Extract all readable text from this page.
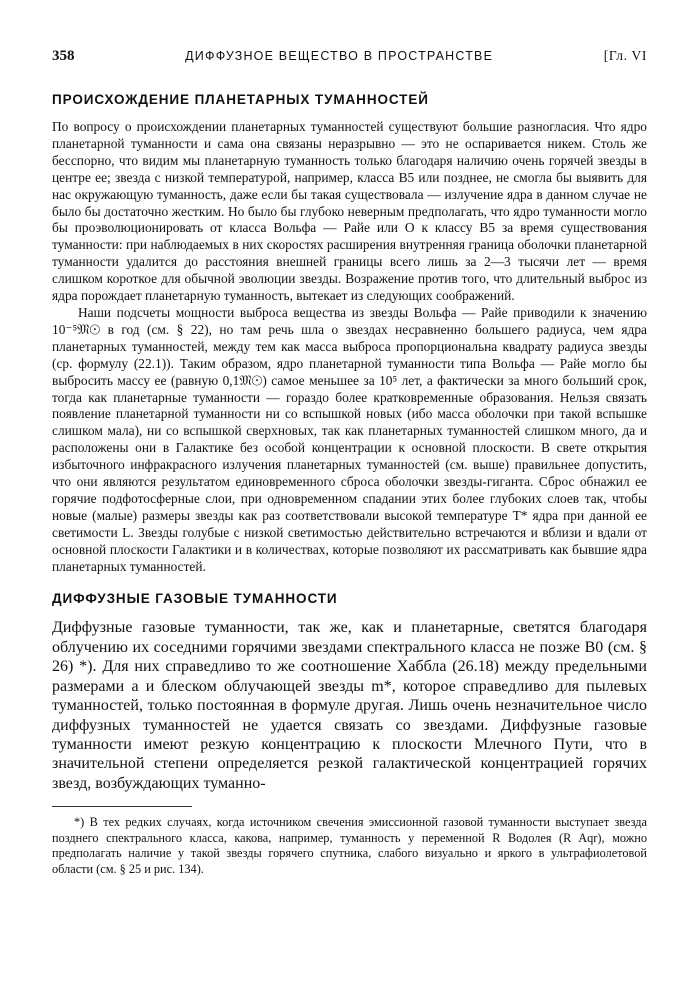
358	ДИФФУЗНОЕ ВЕЩЕСТВО В ПРОСТРАНСТВЕ	[Гл. VI
ПРОИСХОЖДЕНИЕ ПЛАНЕТАРНЫХ ТУМАННОСТЕЙ

По вопросу о происхождении планетарных туманностей существуют большие разногласия. Что ядро планетарной туманности и сама она связаны неразрывно — это не оспаривается никем. Столь же бесспорно, что видим мы планетарную туманность только благодаря наличию очень горячей звезды в центре ее; звезда с низкой температурой, например, класса В5 или позднее, не смогла бы выявить для нас окружающую туманность, даже если бы такая существовала — излучение ядра в данном случае не было бы достаточно жестким. Но было бы глубоко неверным предполагать, что ядро туманности могло бы проэволюционировать от класса Вольфа — Райе или О к классу В5 за время существования туманности: при наблюдаемых в них скоростях расширения внутренняя граница оболочки планетарной туманности удалится до расстояния внешней границы всего лишь за 2—3 тысячи лет — время слишком короткое для обычной эволюции звезды. Возражение против того, что длительный выброс из ядра порождает планетарную туманность, вытекает из следующих соображений.

Наши подсчеты мощности выброса вещества из звезды Вольфа — Райе приводили к значению 10⁻⁵𝔐☉ в год (см. § 22), но там речь шла о звездах несравненно большего радиуса, чем ядра планетарных туманностей, между тем как масса выброса пропорциональна квадрату радиуса звезды (ср. формулу (22.1)). Таким образом, ядро планетарной туманности типа Вольфа — Райе могло бы выбросить массу ее (равную 0,1𝔐☉) самое меньшее за 10⁵ лет, а фактически за много больший срок, тогда как планетарные туманности — гораздо более кратковременные образования. Нельзя связать появление планетарной туманности ни со вспышкой новых (ибо масса оболочки при такой вспышке слишком мала), ни со вспышкой сверхновых, так как планетарных туманностей слишком много, да и расположены они в Галактике без особой концентрации к основной плоскости. В свете открытия избыточного инфракрасного излучения планетарных туманностей (см. выше) правильнее допустить, что они являются результатом единовременного сброса оболочки звезды-гиганта. Сброс обнажил ее горячие подфотосферные слои, при одновременном спадании этих более глубоких слоев так, чтобы новые (малые) размеры звезды как раз соответствовали высокой температуре T* ядра при данной ее светимости L. Звезды голубые с низкой светимостью действительно встречаются и вблизи и вдали от основной плоскости Галактики и в количествах, которые позволяют их рассматривать как бывшие ядра планетарных туманностей.

ДИФФУЗНЫЕ ГАЗОВЫЕ ТУМАННОСТИ

Диффузные газовые туманности, так же, как и планетарные, светятся благодаря облучению их соседними горячими звездами спектрального класса не позже В0 (см. § 26) *). Для них справедливо то же соотношение Хаббла (26.18) между предельными размерами a и блеском облучающей звезды m*, которое справедливо для пылевых туманностей, только постоянная в формуле другая. Лишь очень незначительное число диффузных туманностей не удается связать со звездами. Диффузные газовые туманности имеют резкую концентрацию к плоскости Млечного Пути, что в значительной степени определяется резкой галактической концентрацией горячих звезд, возбуждающих туманно-

*) В тех редких случаях, когда источником свечения эмиссионной газовой туманности выступает звезда позднего спектрального класса, какова, например, туманность у переменной R Водолея (R Aqr), можно предполагать наличие у такой звезды горячего спутника, слабого визуально и яркого в ультрафиолетовой области (см. § 25 и рис. 134).
